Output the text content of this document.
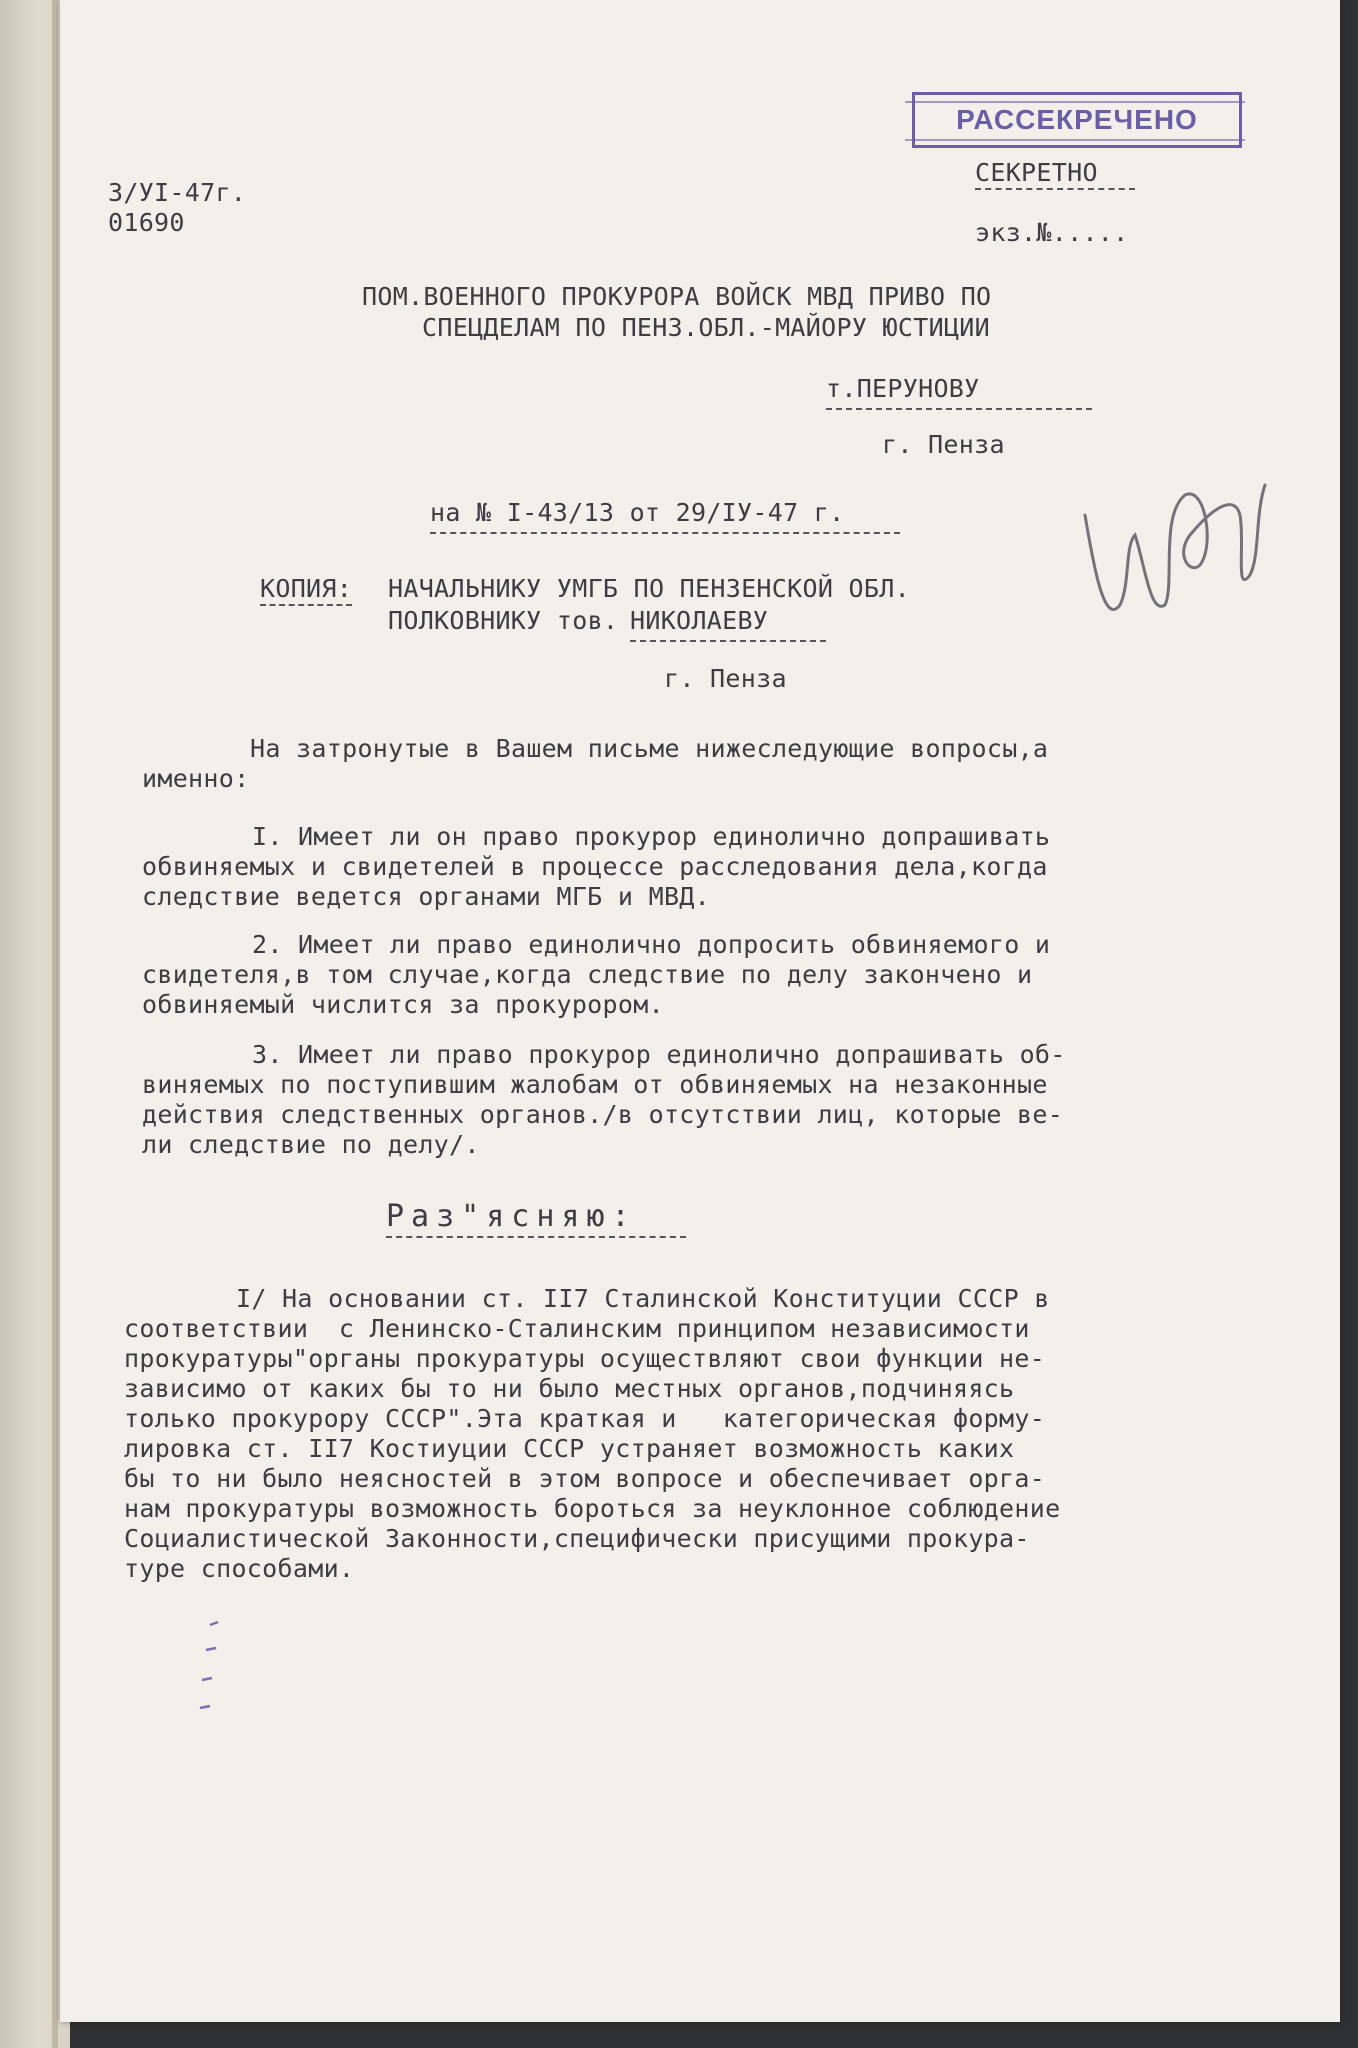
РАССЕКРЕЧЕНО

3/УI-47г.

01690

СЕКРЕТНО

экз.№.....

ПОМ.ВОЕННОГО ПРОКУРОРА ВОЙСК МВД ПРИВО ПО

СПЕЦДЕЛАМ ПО ПЕНЗ.ОБЛ.-МАЙОРУ ЮСТИЦИИ

т.ПЕРУНОВУ

г. Пенза

на № I-43/13 от 29/IУ-47 г.

КОПИЯ: НАЧАЛЬНИКУ УМГБ ПО ПЕНЗЕНСКОЙ ОБЛ.

ПОЛКОВНИКУ тов. НИКОЛАЕВУ

г. Пенза

На затронутые в Вашем письме нижеследующие вопросы,а

именно:

I. Имеет ли он право прокурор единолично допрашивать

обвиняемых и свидетелей в процессе расследования дела,когда

следствие ведется органами МГБ и МВД.

2. Имеет ли право единолично допросить обвиняемого и

свидетеля,в том случае,когда следствие по делу закончено и

обвиняемый числится за прокурором.

3. Имеет ли право прокурор единолично допрашивать об-

виняемых по поступившим жалобам от обвиняемых на незаконные

действия следственных органов./в отсутствии лиц, которые ве-

ли следствие по делу/.

Раз"ясняю:

I/ На основании ст. II7 Сталинской Конституции СССР в

соответствии  с Ленинско-Сталинским принципом независимости

прокуратуры"органы прокуратуры осуществляют свои функции не-

зависимо от каких бы то ни было местных органов,подчиняясь

только прокурору СССР".Эта краткая и   категорическая форму-

лировка ст. II7 Костиуции СССР устраняет возможность каких

бы то ни было неясностей в этом вопросе и обеспечивает орга-

нам прокуратуры возможность бороться за неуклонное соблюдение

Социалистической Законности,специфически присущими прокура-

туре способами.
